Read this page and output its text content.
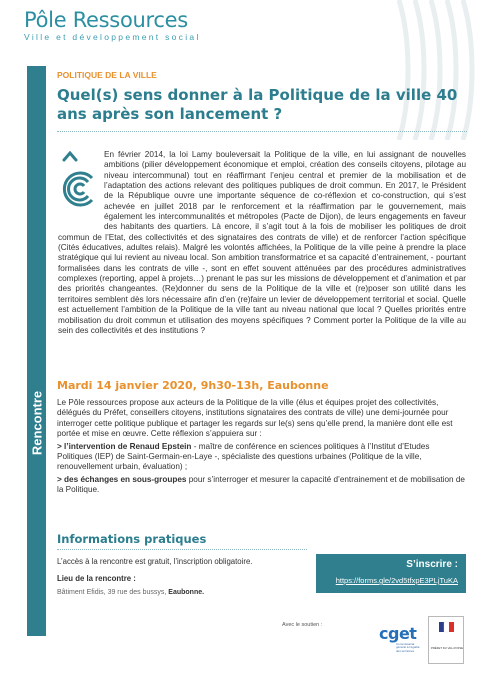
Pôle Ressources
Ville et développement social
Rencontre
POLITIQUE DE LA VILLE
Quel(s) sens donner à la Politique de la ville 40 ans après son lancement ?
En février 2014, la loi Lamy bouleversait la Politique de la ville, en lui assignant de nouvelles ambitions (pilier développement économique et emploi, création des conseils citoyens, pilotage au niveau intercommunal) tout en réaffirmant l’enjeu central et premier de la mobilisation et de l’adaptation des actions relevant des politiques publiques de droit commun. En 2017, le Président de la République ouvre une importante séquence de co-réflexion et co-construction, qui s’est achevée en juillet 2018 par le renforcement et la réaffirmation par le gouvernement, mais également les intercommunalités et métropoles (Pacte de Dijon), de leurs engagements en faveur des habitants des quartiers. Là encore, il s’agit tout à la fois de mobiliser les politiques de droit commun de l’Etat, des collectivités et des signataires des contrats de ville) et de renforcer l’action spécifique (Cités éducatives, adultes relais). Malgré les volontés affichées, la Politique de la ville peine à prendre la place stratégique qui lui revient au niveau local. Son ambition transformatrice et sa capacité d’entrainement, - pourtant formalisées dans les contrats de ville -, sont en effet souvent atténuées par des procédures administratives complexes (reporting, appel à projets…) prenant le pas sur les missions de développement et d’animation et par des priorités changeantes. (Re)donner du sens de la Politique de la ville et (re)poser son utilité dans les territoires semblent dès lors nécessaire afin d’en (re)faire un levier de développement territorial et social. Quelle est actuellement l’ambition de la Politique de la ville tant au niveau national que local ? Quelles priorités entre mobilisation du droit commun et utilisation des moyens spécifiques ? Comment porter la Politique de la ville au sein des collectivités et des institutions ?
Mardi 14 janvier 2020, 9h30-13h, Eaubonne

Le Pôle ressources propose aux acteurs de la Politique de la ville (élus et équipes projet des collectivités, délégués du Préfet, conseillers citoyens, institutions signataires des contrats de ville) une demi-journée pour interroger cette politique publique et partager les regards sur le(s) sens qu’elle prend, la manière dont elle est portée et mise en œuvre. Cette réflexion s’appuiera sur :

> l’intervention de Renaud Epstein - maître de conférence en sciences politiques à l’Institut d’Etudes Politiques (IEP) de Saint-Germain-en-Laye -, spécialiste des questions urbaines (Politique de la ville, renouvellement urbain, évaluation) ;

> des échanges en sous-groupes pour s’interroger et mesurer la capacité d’entrainement et de mobilisation de la Politique.

Informations pratiques
L’accès à la rencontre est gratuit, l’inscription obligatoire.
Lieu de la rencontre :
Bâtiment Efidis, 39 rue des bussys, Eaubonne.
S’inscrire :
https://forms.gle/2vd5tfxpE3PLjTuKA
Avec le soutien :	cget
Commissariat général à l’égalité des territoires
PRÉFET DU VAL-D’OISE
